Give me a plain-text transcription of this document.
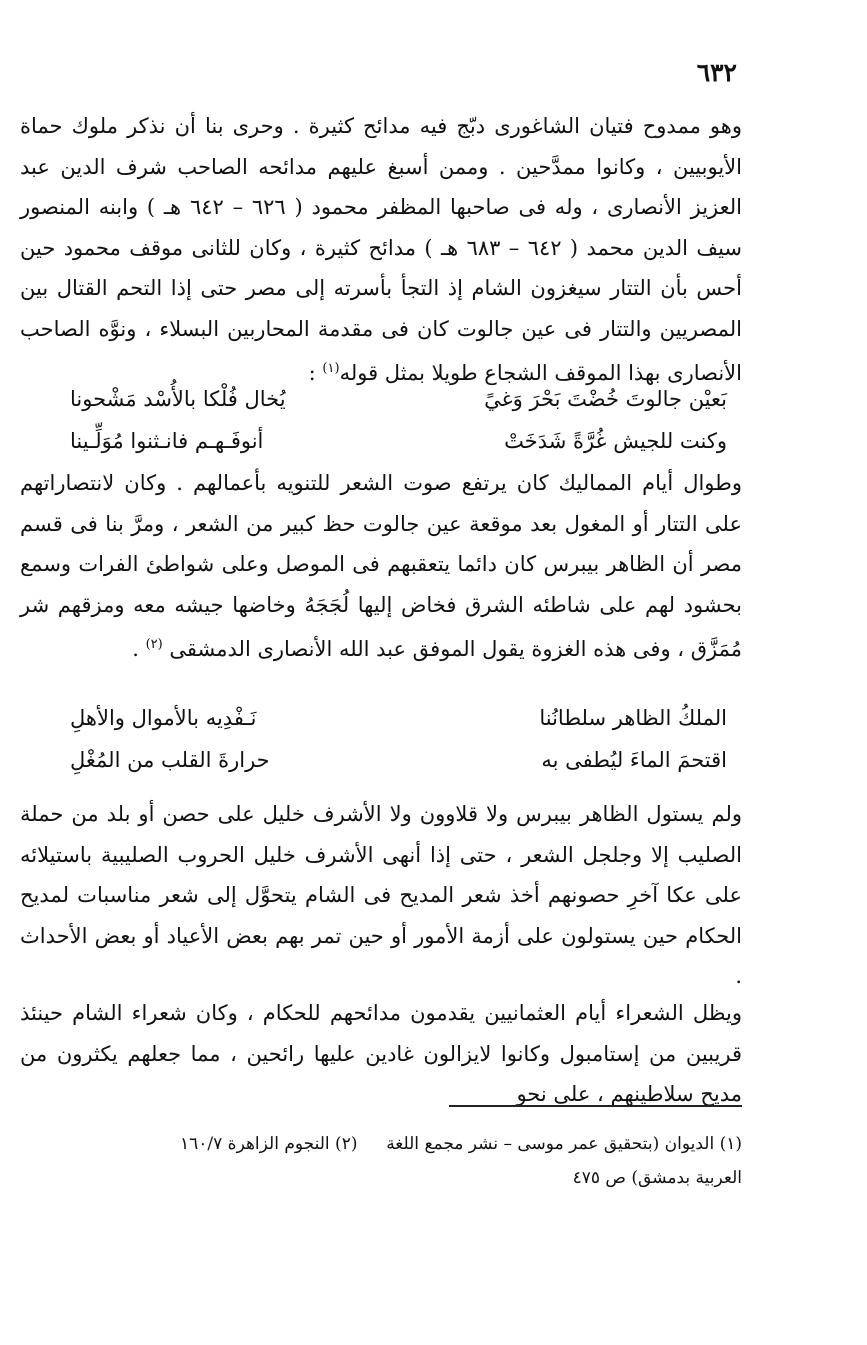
٦٣٢
وهو ممدوح فتيان الشاغورى دبّج فيه مدائح كثيرة . وحرى بنا أن نذكر ملوك حماة الأيوبيين ، وكانوا ممدَّحين . وممن أسبغ عليهم مدائحه الصاحب شرف الدين عبد العزيز الأنصارى ، وله فى صاحبها المظفر محمود ( ٦٢٦ – ٦٤٢ هـ ) وابنه المنصور سيف الدين محمد ( ٦٤٢ – ٦٨٣ هـ ) مدائح كثيرة ، وكان للثانى موقف محمود حين أحس بأن التتار سيغزون الشام إذ التجأ بأسرته إلى مصر حتى إذا التحم القتال بين المصريين والتتار فى عين جالوت كان فى مقدمة المحاربين البسلاء ، ونوَّه الصاحب الأنصارى بهذا الموقف الشجاع طويلا بمثل قوله$^{(١)}$ :
بَعيْن جالوتَ خُضْتَ بَحْرَ وَغيً
يُخال فُلْكا بالأُسْد مَشْحونا
وكنت للجيش غُرَّةً شَدَخَتْ
أنوفَـهـم فانـثنوا مُوَلِّـينا
وطوال أيام المماليك كان يرتفع صوت الشعر للتنويه بأعمالهم . وكان لانتصاراتهم على التتار أو المغول بعد موقعة عين جالوت حظ كبير من الشعر ، ومرَّ بنا فى قسم مصر أن الظاهر بيبرس كان دائما يتعقبهم فى الموصل وعلى شواطئ الفرات وسمع بحشود لهم على شاطئه الشرق فخاض إليها لُجَجَهُ وخاضها جيشه معه ومزقهم شر مُمَزَّق ، وفى هذه الغزوة يقول الموفق عبد الله الأنصارى الدمشقى $^{(٢)}$ .
الملكُ الظاهر سلطانُنا
نَـفْدِيه بالأموال والأهلِ
اقتحمَ الماءَ ليُطفى به
حرارةَ القلب من المُغْلِ
ولم يستول الظاهر بيبرس ولا قلاوون ولا الأشرف خليل على حصن أو بلد من حملة الصليب إلا وجلجل الشعر ، حتى إذا أنهى الأشرف خليل الحروب الصليبية باستيلائه على عكا آخرِ حصونهم أخذ شعر المديح فى الشام يتحوَّل إلى شعر مناسبات لمديح الحكام حين يستولون على أزمة الأمور أو حين تمر بهم بعض الأعياد أو بعض الأحداث .
ويظل الشعراء أيام العثمانيين يقدمون مدائحهم للحكام ، وكان شعراء الشام حينئذ قريبين من إستامبول وكانوا لايزالون غادين عليها رائحين ، مما جعلهم يكثرون من مديح سلاطينهم ، على نحو
(١) الديوان (بتحقيق عمر موسى – نشر مجمع اللغة
(٢) النجوم الزاهرة ١٦٠/٧
العربية بدمشق) ص ٤٧٥
